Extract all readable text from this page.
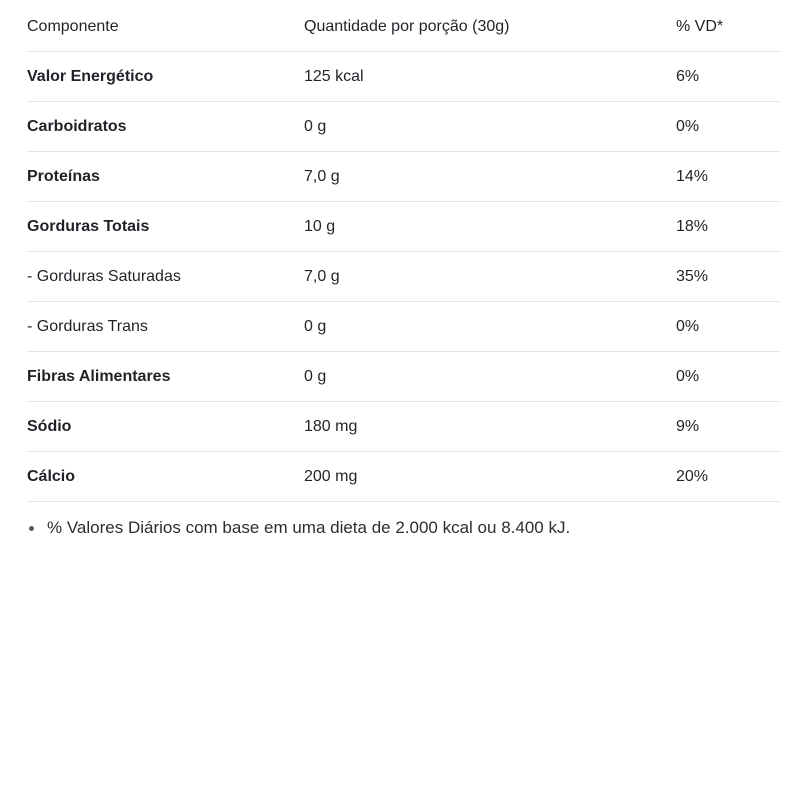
Componente	Quantidade por porção (30g)	% VD*
Valor Energético	125 kcal	6%
Carboidratos	0 g	0%
Proteínas	7,0 g	14%
Gorduras Totais	10 g	18%
- Gorduras Saturadas	7,0 g	35%
- Gorduras Trans	0 g	0%
Fibras Alimentares	0 g	0%
Sódio	180 mg	9%
Cálcio	200 mg	20%
% Valores Diários com base em uma dieta de 2.000 kcal ou 8.400 kJ.
